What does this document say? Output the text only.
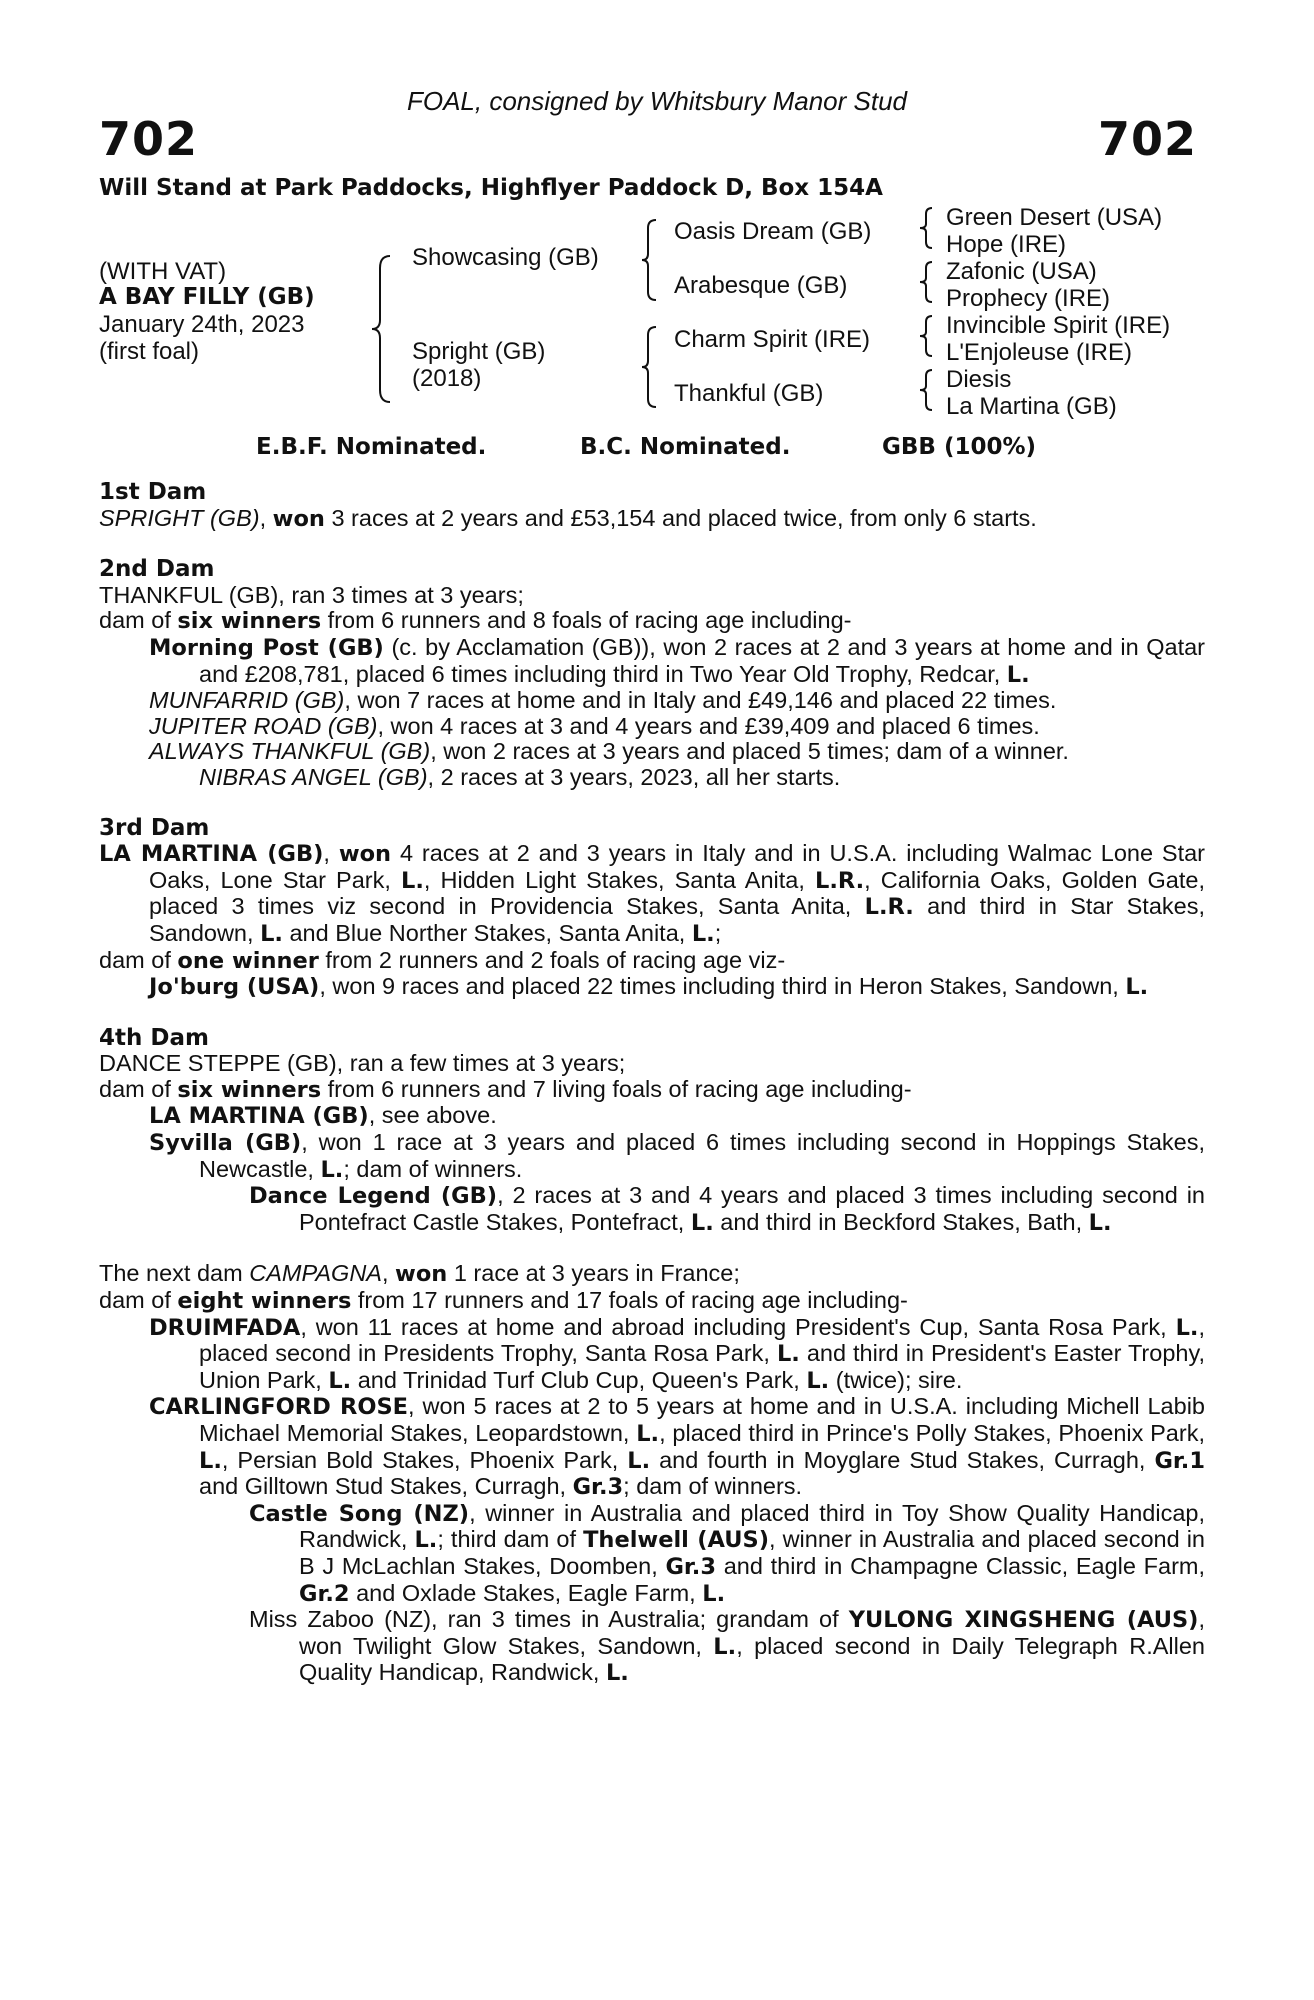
FOAL, consigned by Whitsbury Manor Stud
702	702
Will Stand at Park Paddocks, Highflyer Paddock D, Box 154A
(WITH VAT)
A BAY FILLY (GB)
January 24th, 2023
(first foal)
Showcasing (GB)
Spright (GB)
(2018)
Oasis Dream (GB)
Arabesque (GB)
Charm Spirit (IRE)
Thankful (GB)
Green Desert (USA)
Hope (IRE)
Zafonic (USA)
Prophecy (IRE)
Invincible Spirit (IRE)
L'Enjoleuse (IRE)
Diesis
La Martina (GB)
E.B.F. Nominated.	B.C. Nominated.	GBB (100%)
1st Dam
SPRIGHT (GB), won 3 races at 2 years and £53,154 and placed twice, from only 6 starts.
2nd Dam
THANKFUL (GB), ran 3 times at 3 years;
dam of six winners from 6 runners and 8 foals of racing age including-
Morning Post (GB) (c. by Acclamation (GB)), won 2 races at 2 and 3 years at home and in Qatar and £208,781, placed 6 times including third in Two Year Old Trophy, Redcar, L.
MUNFARRID (GB), won 7 races at home and in Italy and £49,146 and placed 22 times.
JUPITER ROAD (GB), won 4 races at 3 and 4 years and £39,409 and placed 6 times.
ALWAYS THANKFUL (GB), won 2 races at 3 years and placed 5 times; dam of a winner.
NIBRAS ANGEL (GB), 2 races at 3 years, 2023, all her starts.
3rd Dam
LA MARTINA (GB), won 4 races at 2 and 3 years in Italy and in U.S.A. including Walmac Lone Star Oaks, Lone Star Park, L., Hidden Light Stakes, Santa Anita, L.R., California Oaks, Golden Gate, placed 3 times viz second in Providencia Stakes, Santa Anita, L.R. and third in Star Stakes, Sandown, L. and Blue Norther Stakes, Santa Anita, L.;
dam of one winner from 2 runners and 2 foals of racing age viz-
Jo'burg (USA), won 9 races and placed 22 times including third in Heron Stakes, Sandown, L.
4th Dam
DANCE STEPPE (GB), ran a few times at 3 years;
dam of six winners from 6 runners and 7 living foals of racing age including-
LA MARTINA (GB), see above.
Syvilla (GB), won 1 race at 3 years and placed 6 times including second in Hoppings Stakes, Newcastle, L.; dam of winners.
Dance Legend (GB), 2 races at 3 and 4 years and placed 3 times including second in Pontefract Castle Stakes, Pontefract, L. and third in Beckford Stakes, Bath, L.
The next dam CAMPAGNA, won 1 race at 3 years in France;
dam of eight winners from 17 runners and 17 foals of racing age including-
DRUIMFADA, won 11 races at home and abroad including President's Cup, Santa Rosa Park, L., placed second in Presidents Trophy, Santa Rosa Park, L. and third in President's Easter Trophy, Union Park, L. and Trinidad Turf Club Cup, Queen's Park, L. (twice); sire.
CARLINGFORD ROSE, won 5 races at 2 to 5 years at home and in U.S.A. including Michell Labib Michael Memorial Stakes, Leopardstown, L., placed third in Prince's Polly Stakes, Phoenix Park, L., Persian Bold Stakes, Phoenix Park, L. and fourth in Moyglare Stud Stakes, Curragh, Gr.1 and Gilltown Stud Stakes, Curragh, Gr.3; dam of winners.
Castle Song (NZ), winner in Australia and placed third in Toy Show Quality Handicap, Randwick, L.; third dam of Thelwell (AUS), winner in Australia and placed second in B J McLachlan Stakes, Doomben, Gr.3 and third in Champagne Classic, Eagle Farm, Gr.2 and Oxlade Stakes, Eagle Farm, L.
Miss Zaboo (NZ), ran 3 times in Australia; grandam of YULONG XINGSHENG (AUS), won Twilight Glow Stakes, Sandown, L., placed second in Daily Telegraph R.Allen Quality Handicap, Randwick, L.
